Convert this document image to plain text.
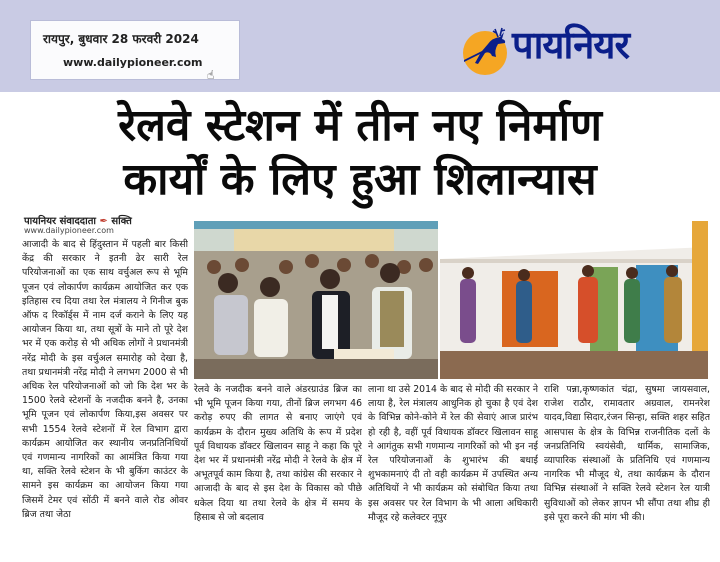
रायपुर, बुधवार 28 फरवरी 2024
www.dailypioneer.com
☝
पायनियर
रेलवे स्टेशन में तीन नए निर्माण
कार्यों के लिए हुआ शिलान्यास
पायनियर संवाददाता ✒ सक्ति
www.dailypioneer.com
आजादी के बाद से हिंदुस्तान में पहली बार किसी केंद्र की सरकार ने इतनी ढेर सारी रेल परियोजनाओं का एक साथ वर्चुअल रूप से भूमि पूजन एवं लोकार्पण कार्यक्रम आयोजित कर एक इतिहास रच दिया तथा रेल मंत्रालय ने गिनीज बुक ऑफ द रिकॉर्ड्स में नाम दर्ज कराने के लिए यह आयोजन किया था, तथा सूत्रों के माने तो पूरे देश भर में एक करोड़ से भी अधिक लोगों ने प्रधानमंत्री नरेंद्र मोदी के इस वर्चुअल समारोह को देखा है, तथा प्रधानमंत्री नरेंद्र मोदी ने लगभग 2000 से भी अधिक रेल परियोजनाओं को जो कि देश भर के 1500 रेलवे स्टेशनों के नजदीक बनने है, उनका भूमि पूजन एवं लोकार्पण किया,इस अवसर पर सभी 1554 रेलवे स्टेशनों में रेल विभाग द्वारा कार्यक्रम आयोजित कर स्थानीय जनप्रतिनिधियों एवं गणमान्य नागरिकों का आमंत्रित किया गया था, सक्ति रेलवे स्टेशन के भी बुकिंग काउंटर के सामने इस कार्यक्रम का आयोजन किया गया जिसमें टेमर एवं सोंठी में बनने वाले रोड ओवर ब्रिज तथा जेठा
रेलवे के नजदीक बनने वाले अंडरग्राउंड ब्रिज का भी भूमि पूजन किया गया, तीनों ब्रिज लगभग 46 करोड़ रुपए की लागत से बनाए जाएंगे एवं कार्यक्रम के दौरान मुख्य अतिथि के रूप में प्रदेश पूर्व विधायक डॉक्टर खिलावन साहू ने कहा कि पूरे देश भर में प्रधानमंत्री नरेंद्र मोदी ने रेलवे के क्षेत्र में अभूतपूर्व काम किया है, तथा कांग्रेस की सरकार ने आजादी के बाद से इस देश के विकास को पीछे धकेल दिया था तथा रेलवे के क्षेत्र में समय के हिसाब से जो बदलाव
लाना था उसे 2014 के बाद से मोदी की सरकार ने लाया है, रेल मंत्रालय आधुनिक हो चुका है एवं देश के विभिन्न कोने-कोने में रेल की सेवाएं आज प्रारंभ हो रही है, वहीं पूर्व विधायक डॉक्टर खिलावन साहू ने आगंतुक सभी गणमान्य नागरिकों को भी इन नई रेल परियोजनाओं के शुभारंभ की बधाई शुभकामनाएं दी तो वही कार्यक्रम में उपस्थित अन्य अतिथियों ने भी कार्यक्रम को संबोधित किया तथा इस अवसर पर रेल विभाग के भी आला अधिकारी मौजूद रहे कलेक्टर नूपुर
राशि पन्ना,कृष्णकांत चंद्रा, सुषमा जायसवाल, राजेश राठौर, रामावतार अग्रवाल, रामनरेश यादव,विद्या सिदार,रंजन सिन्हा, सक्ति शहर सहित आसपास के क्षेत्र के विभिन्न राजनीतिक दलों के जनप्रतिनिधि स्वयंसेवी, धार्मिक, सामाजिक, व्यापारिक संस्थाओं के प्रतिनिधि एवं गणमान्य नागरिक भी मौजूद थे, तथा कार्यक्रम के दौरान विभिन्न संस्थाओं ने सक्ति रेलवे स्टेशन रेल यात्री सुविधाओं को लेकर ज्ञापन भी सौंपा तथा शीघ्र ही इसे पूरा करने की मांग भी की।
